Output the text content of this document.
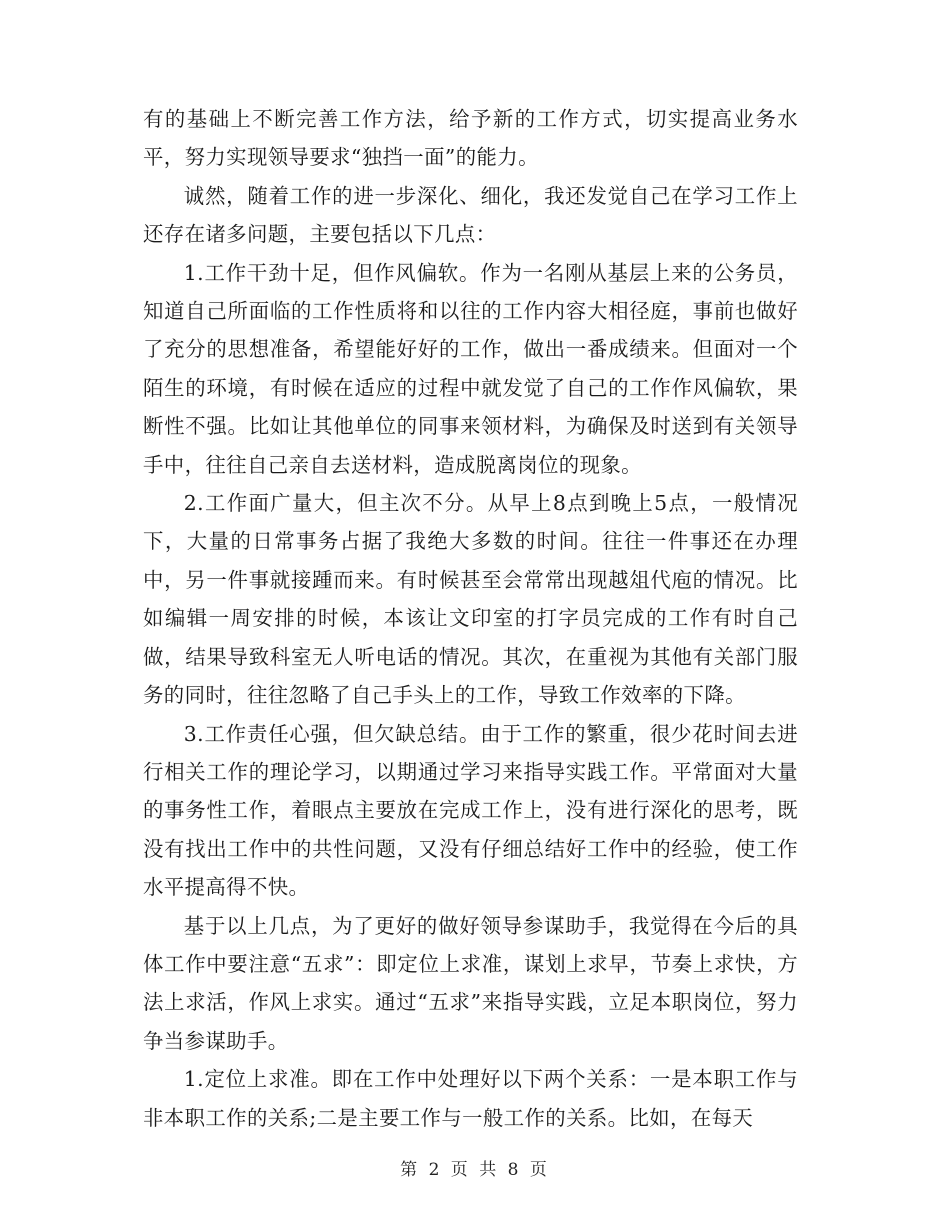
有的基础上不断完善工作方法，给予新的工作方式，切实提高业务水平，努力实现领导要求“独挡一面”的能力。

诚然，随着工作的进一步深化、细化，我还发觉自己在学习工作上还存在诸多问题，主要包括以下几点：

1.工作干劲十足，但作风偏软。作为一名刚从基层上来的公务员，知道自己所面临的工作性质将和以往的工作内容大相径庭，事前也做好了充分的思想准备，希望能好好的工作，做出一番成绩来。但面对一个陌生的环境，有时候在适应的过程中就发觉了自己的工作作风偏软，果断性不强。比如让其他单位的同事来领材料，为确保及时送到有关领导手中，往往自己亲自去送材料，造成脱离岗位的现象。

2.工作面广量大，但主次不分。从早上8点到晚上5点，一般情况下，大量的日常事务占据了我绝大多数的时间。往往一件事还在办理中，另一件事就接踵而来。有时候甚至会常常出现越俎代庖的情况。比如编辑一周安排的时候，本该让文印室的打字员完成的工作有时自己做，结果导致科室无人听电话的情况。其次，在重视为其他有关部门服务的同时，往往忽略了自己手头上的工作，导致工作效率的下降。

3.工作责任心强，但欠缺总结。由于工作的繁重，很少花时间去进行相关工作的理论学习，以期通过学习来指导实践工作。平常面对大量的事务性工作，着眼点主要放在完成工作上，没有进行深化的思考，既没有找出工作中的共性问题，又没有仔细总结好工作中的经验，使工作水平提高得不快。

基于以上几点，为了更好的做好领导参谋助手，我觉得在今后的具体工作中要注意“五求”：即定位上求准，谋划上求早，节奏上求快，方法上求活，作风上求实。通过“五求”来指导实践，立足本职岗位，努力争当参谋助手。

1.定位上求准。即在工作中处理好以下两个关系：一是本职工作与非本职工作的关系;二是主要工作与一般工作的关系。比如，在每天

第 2 页 共 8 页
